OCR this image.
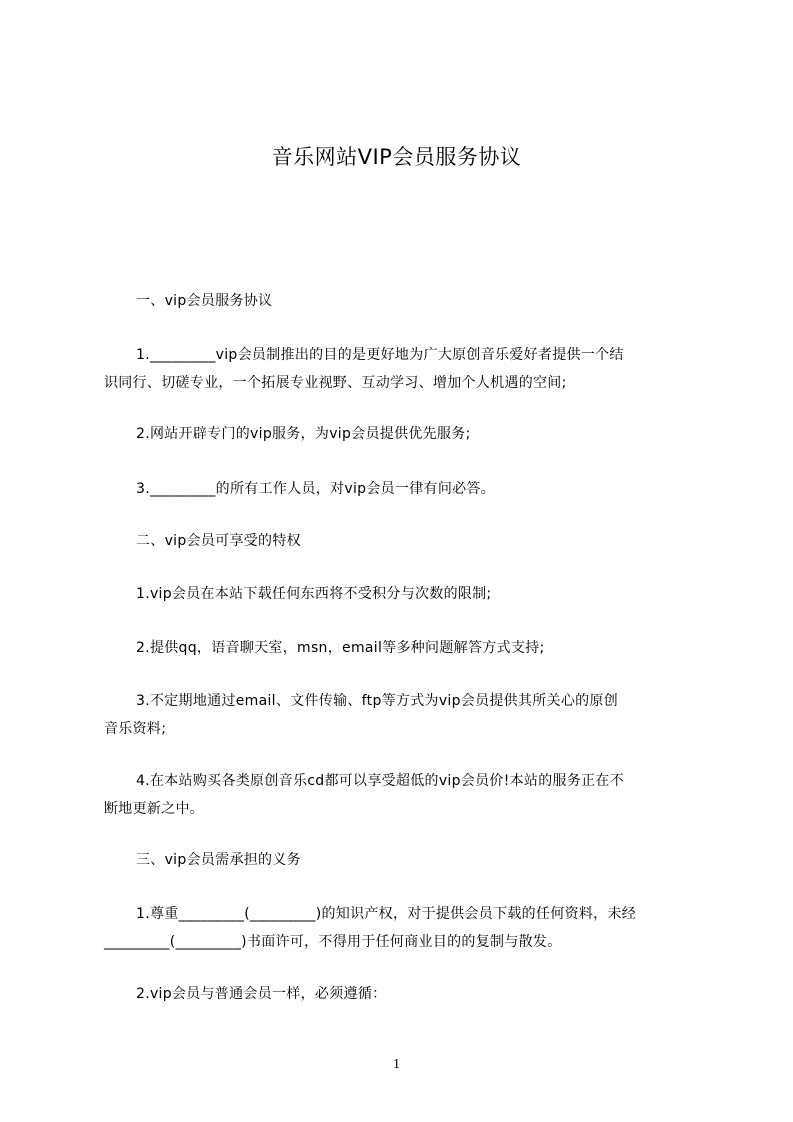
音乐网站VIP会员服务协议
一、vip会员服务协议
1._________vip会员制推出的目的是更好地为广大原创音乐爱好者提供一个结
识同行、切磋专业，一个拓展专业视野、互动学习、增加个人机遇的空间;
2.网站开辟专门的vip服务，为vip会员提供优先服务;
3._________的所有工作人员，对vip会员一律有问必答。
二、vip会员可享受的特权
1.vip会员在本站下载任何东西将不受积分与次数的限制;
2.提供qq，语音聊天室，msn，email等多种问题解答方式支持;
3.不定期地通过email、文件传输、ftp等方式为vip会员提供其所关心的原创
音乐资料;
4.在本站购买各类原创音乐cd都可以享受超低的vip会员价!本站的服务正在不
断地更新之中。
三、vip会员需承担的义务
1.尊重_________(_________)的知识产权，对于提供会员下载的任何资料，未经
_________(_________)书面许可，不得用于任何商业目的的复制与散发。
2.vip会员与普通会员一样，必须遵循：
1
